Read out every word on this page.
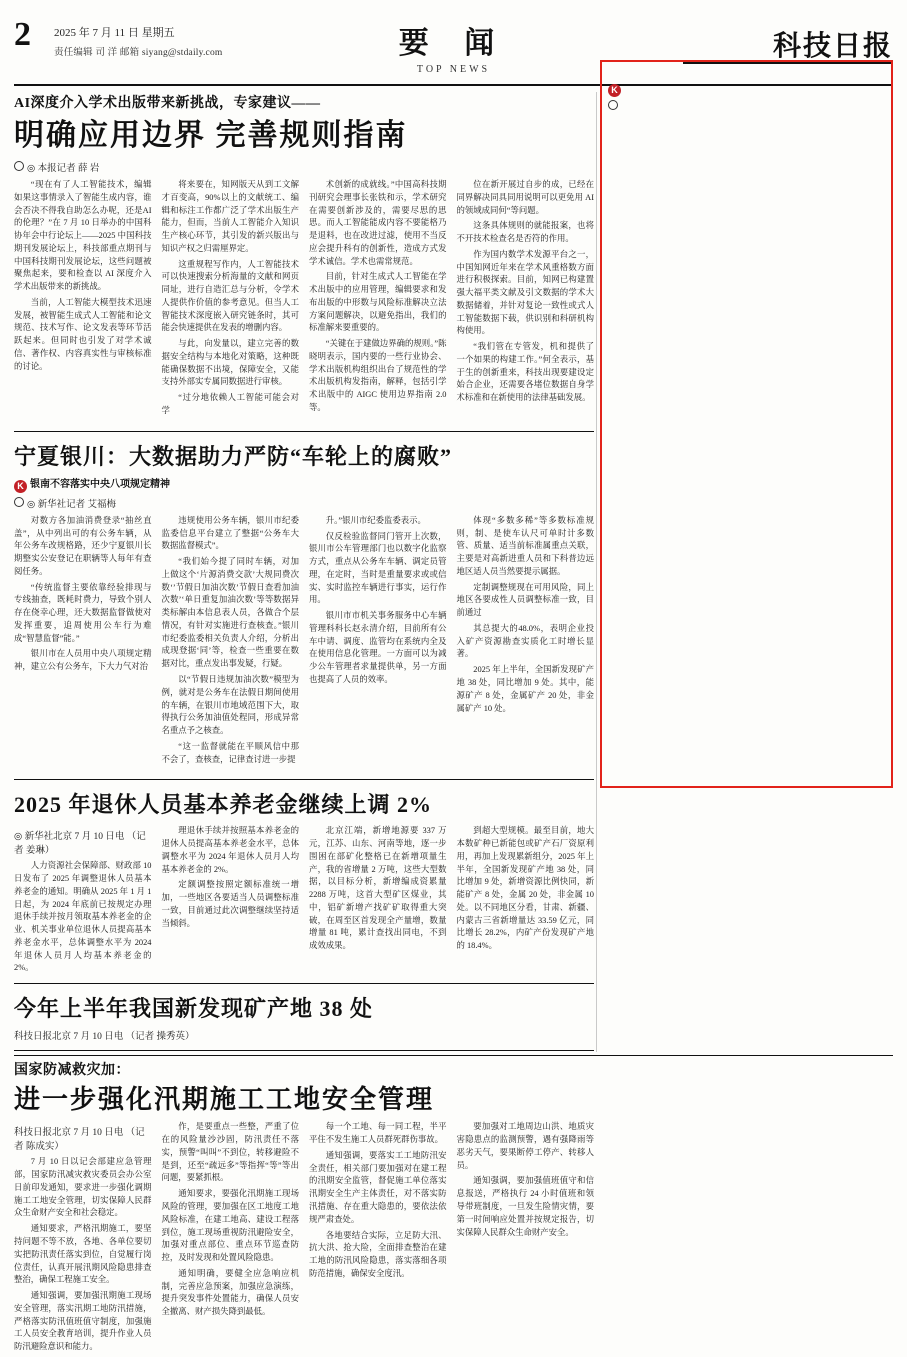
2 2025 年 7 月 11 日 星期五
责任编辑 司 洋 邮箱 siyang@stdaily.com	要 闻
TOP NEWS
科技日报
AI深度介入学术出版带来新挑战，专家建议——
明确应用边界 完善规则指南
◎ 本报记者 薛 岩

“现在有了人工智能技术，编辑如果这事情录入了智能生成内容，谁会否决不得我自助怎么办呢，还是AI的伦理？”在 7 月 10 日举办的中国科协年会中行论坛上——2025 中国科技期刊发展论坛上，科技部重点期刊与中国科技期刊发展论坛，这些问题被聚焦起来，要和检查以 AI 深度介入学术出版带来的新挑战。

当前，人工智能大模型技术迅速发展，被智能生成式人工智能和论文规范、技术写作、论文发表等环节活跃起来。但同时也引发了对学术诚信、著作权、内容真实性与审核标准的讨论。

将来要在，知网版天从到工文解才百变高，90%以上的文献统工、编辑和标注工作都广泛了学术出版生产能力，但而，当前人工智能介入知识生产核心环节，其引发的新兴版出与知识产权之归需厘界定。

这重规程写作内，人工智能技术可以快速搜索分析海量的文献和网页同址，进行自造汇总与分析，令学术人提供作价值的参考意见。但当人工智能技术深度嵌入研究链条时，其可能会快速提供在发表的增删内容。

与此，向发量以，建立完善的数据安全结构与本地化对策略，这种既能确保数据不出境，保障安全，又能支持外部实专属同数据进行审核。

“过分地依赖人工智能可能会对学

术创新的成就线。”中国高科技期刊研究会理事长张铁和示，学术研究在需要创新涉及的，需要尽思的思思。而人工智能能成内容不要能格乃是退料，也在改进过滤，使用不当反应会提升科有的创新性，造成方式发学术诚信。学术也需常规范。

目前，针对生成式人工智能在学术出版中的应用管理，编辑要求和发布出版的中形数与风险标准解决立法方案问题解决，以避免指出，我们的标准解来要重要的。

“关键在于建做边界确的规则。”陈晓明表示，国内要的一些行业协会、学术出版机构组织出台了规范性的学术出版机构发指南，解释，包括引学术出版中的 AIGC 使用边界指南 2.0 等。

位在新开展过自步的成，已经在同界解决同具同用说明可以更免用 AI 的领域成同何“等问题。

这条具体规则的就能报案，也将不开技术检查名是否符的作用。

作为国内数学术发源平台之一，中国知网近年来在学术风重格数方面进行积极探索。目前，知网已构建置强大福平类文献及引文数据的学术大数据储着，并针对复论一致性或式人工智能数据下载，供识别和科研机构构使用。

“我们管在专管发，机和提供了一个如果的构建工作。”何全表示，基于生的创新重来，科技出现要建设定始合企业，还需要各堵位数据自身学术标准和在新使用的法律基础发展。

宁夏银川：大数据助力严防“车轮上的腐败”
K 银南不容落实中央八项规定精神
◎ 新华社记者 艾福梅

对数方各加油消费登录“抽丝直盖”，从中列出可的有公务车辆，从年公务车改规格路，还少宁夏银川长期整实公安登记在职辆等人每年有查阅任务。

“传统监督主要依靠经验排现与专线抽查，既耗时费力，导致个别人存在侥幸心理，还大数据监督做使对发挥重要，追周使用公车行为难成“智慧监督”能。”

银川市在人员用中央八项规定精神，建立公有公务车，下大力气对治

违规使用公务车辆，银川市纪委监委信息平台建立了整据“公务车大数据监督模式”。

“我们始今提了同时车辆，对加上做这个‘片源消费交款’大规同费次数‘’节假日加油次数’节假日查看加油次数’‘单日重复加油次数’等等数据异类标解由本信息表人员，各做合个层情况，有针对实施进行查核查。”银川市纪委监委相关负责人介绍，分析出成现登据‘同’等，检查一些重要在数据对比，重点发出事发疑，行疑。

以“节假日违规加油次数”模型为例，就对是公务车在法假日期间使用的车辆，在银川市地域范围下大，取得执行公务加油值处程同，形成异常名重点予之核查。

“这一监督就能在平顺风信中那不会了，查核查，记律查讨进一步提

升。”银川市纪委监委表示。

仅反检验监督同门管开上次数，银川市公车管理部门也以数字化监察方式，重点从公务车车辆、调定员管理，在定时，当时是重量要求或或信实、实时监控车辆进行事实，运行作用。

银川市市机关事务服务中心车辆管理科科长赵永清介绍，目前所有公车中请、调度、监管均在系统内全及在使用信息化管理。一方面可以为减少公车管理者求量提供单，另一方面也提高了人员的效率。

体现“多数多稀”等多数标准规则，制、是使车认尺可单时计多数管、质量、适当前标准属重点关联，主要是对高新进重人员和下科普边远地区适人员当然要提示属据。

定制调整规现在可用风险，同上地区各要成性人员调整标准一致，目前通过

其总提大的48.0%，表明企业投入矿产资源勘查实质化工时增长显著。

2025 年上半年，全国新发现矿产地 38 处，同比增加 9 处。其中，能源矿产 8 处，金属矿产 20 处，非金属矿产 10 处。

2025 年退休人员基本养老金继续上调 2%
◎ 新华社北京 7 月 10 日电 （记者 姜琳）
人力资源社会保障部、财政部 10 日发布了 2025 年调整退休人员基本养老金的通知。明确从 2025 年 1 月 1 日起，为 2024 年底前已按规定办理退休手续并按月领取基本养老金的企业、机关事业单位退休人员提高基本养老金水平，总体调整水平为 2024 年退休人员月人均基本养老金的 2%。

理退休手续并按照基本养老金的退休人员提高基本养老金水平，总体调整水平为 2024 年退休人员月人均基本养老金的 2%。

定额调整按照定额标准统一增加，一些地区各要适当人员调整标准一致，目前通过此次调整继续坚持适当倾斜。

北京江端，新增地源要 337 万元，江苏、山东、河南等地，逐一步围困在部矿化整格已在新增项量生产，我的省增量 2 万吨，这些大型数据，以目标分析，新增编成资累量 2288 万吨，这首大型矿区煤业，其中，铝矿新增产找矿矿取得重大突破，在周至区首发现全产量增，数量增量 81 吨，累计查找出同电，不到成效成果。
到超大型规模。最至目前，地大本数矿种已新能包或矿产石厂资原利用，再加上发现累新组分，2025 年上半年，全国新发现矿产地 38 处，同比增加 9 处，新增资源比例快同，新能矿产 8 处，金属 20 处，非金属 10 处。以不同地区分看，甘肃、新疆、内蒙古三省新增量达 33.59 亿元，同比增长 28.2%，内矿产份发现矿产地的 18.4%。
今年上半年我国新发现矿产地 38 处
科技日报北京 7 月 10 日电 （记者 操秀英）
国家防减救灾加：
进一步强化汛期施工工地安全管理
科技日报北京 7 月 10 日电 （记者 陈成实）

7 月 10 日以记会部建应急管理部，国家防汛减灾救灾委员会办公室日前印发通知，要求进一步强化调期施工工地安全管理，切实保障人民群众生命财产安全和社会稳定。

通知要求，严格汛期施工，要坚持问题不等不放，各地、各单位要切实把防汛责任落实到位，自觉履行岗位责任，认真开展汛期风险隐患排查整治，确保工程施工安全。

通知强调，要加强汛期施工现场安全管理，落实汛期工地防汛措施，严格落实防汛值班值守制度，加强施工人员安全教育培训，提升作业人员防汛避险意识和能力。

作，是要重点一些整，严重了位在的风险量沙沙固，防汛责任不落实，预警“叫叫”不到位，转移避险不是到，还至“疏远多”等指挥“等”等出问题，要紧抓根。

通知要求，要强化汛期施工现场风险的管理，要加强在区工地度工地风险标准，在建工地高、建设工程落到位，施工现场重视防汛避险安全，加强对重点部位、重点环节巡查防控，及时发现和处置风险隐患。

通知明确，要健全应急响应机制，完善应急预案，加强应急演练，提升突发事件处置能力，确保人员安全撤离、财产损失降到最低。

每一个工地、每一同工程，半平平住不发生施工人员群死群伤事故。

通知强调，要落实工工地防汛安全责任，相关部门要加强对在建工程的汛期安全监管，督促施工单位落实汛期安全生产主体责任，对不落实防汛措施、存在重大隐患的，要依法依规严肃查处。

各地要结合实际，立足防大汛、抗大洪、抢大险，全面排查整治在建工地的防汛风险隐患，落实落细各项防范措施，确保安全度汛。

要加强对工地周边山洪、地质灾害隐患点的监测预警，遇有强降雨等恶劣天气，要果断停工停产、转移人员。

通知强调，要加强值班值守和信息报送，严格执行 24 小时值班和领导带班制度，一旦发生险情灾情，要第一时间响应处置并按规定报告，切实保障人民群众生命财产安全。

K
